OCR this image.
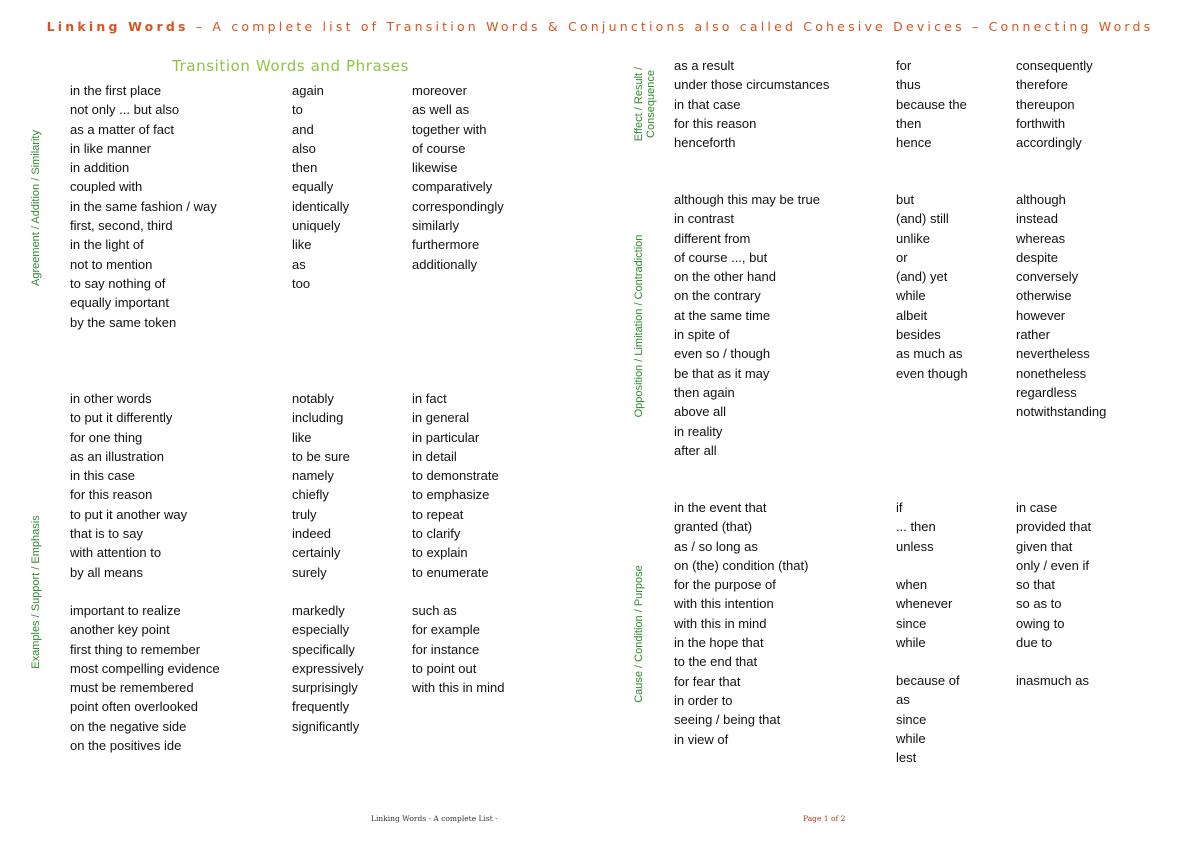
Linking Words – A complete list of Transition Words & Conjunctions also called Cohesive Devices – Connecting Words
Transition Words and Phrases
Agreement / Addition / Similarity
Examples / Support / Emphasis
Effect / Result / Consequence
Opposition / Limitation / Contradiction
Cause / Condition / Purpose
in the first place
not only ... but also
as a matter of fact
in like manner
in addition
coupled with
in the same fashion / way
first, second, third
in the light of
not to mention
to say nothing of
equally important
by the same token
again
to
and
also
then
equally
identically
uniquely
like
as
too
moreover
as well as
together with
of course
likewise
comparatively
correspondingly
similarly
furthermore
additionally
in other words
to put it differently
for one thing
as an illustration
in this case
for this reason
to put it another way
that is to say
with attention to
by all means
notably
including
like
to be sure
namely
chiefly
truly
indeed
certainly
surely
in fact
in general
in particular
in detail
to demonstrate
to emphasize
to repeat
to clarify
to explain
to enumerate
important to realize
another key point
first thing to remember
most compelling evidence
must be remembered
point often overlooked
on the negative side
on the positives ide
markedly
especially
specifically
expressively
surprisingly
frequently
significantly
such as
for example
for instance
to point out
with this in mind
as a result
under those circumstances
in that case
for this reason
henceforth
for
thus
because the
then
hence
consequently
therefore
thereupon
forthwith
accordingly
although this may be true
in contrast
different from
of course ..., but
on the other hand
on the contrary
at the same time
in spite of
even so / though
be that as it may
then again
above all
in reality
after all
but
(and) still
unlike
or
(and) yet
while
albeit
besides
as much as
even though
although
instead
whereas
despite
conversely
otherwise
however
rather
nevertheless
nonetheless
regardless
notwithstanding
in the event that
granted (that)
as / so long as
on (the) condition (that)
for the purpose of
with this intention
with this in mind
in the hope that
to the end that
for fear that
in order to
seeing / being that
in view of
if
... then
unless
when
whenever
since
while
because of
as
since
while
lest
in case
provided that
given that
only / even if
so that
so as to
owing to
due to
inasmuch as
Linking Words - A complete List -	Page 1 of 2
